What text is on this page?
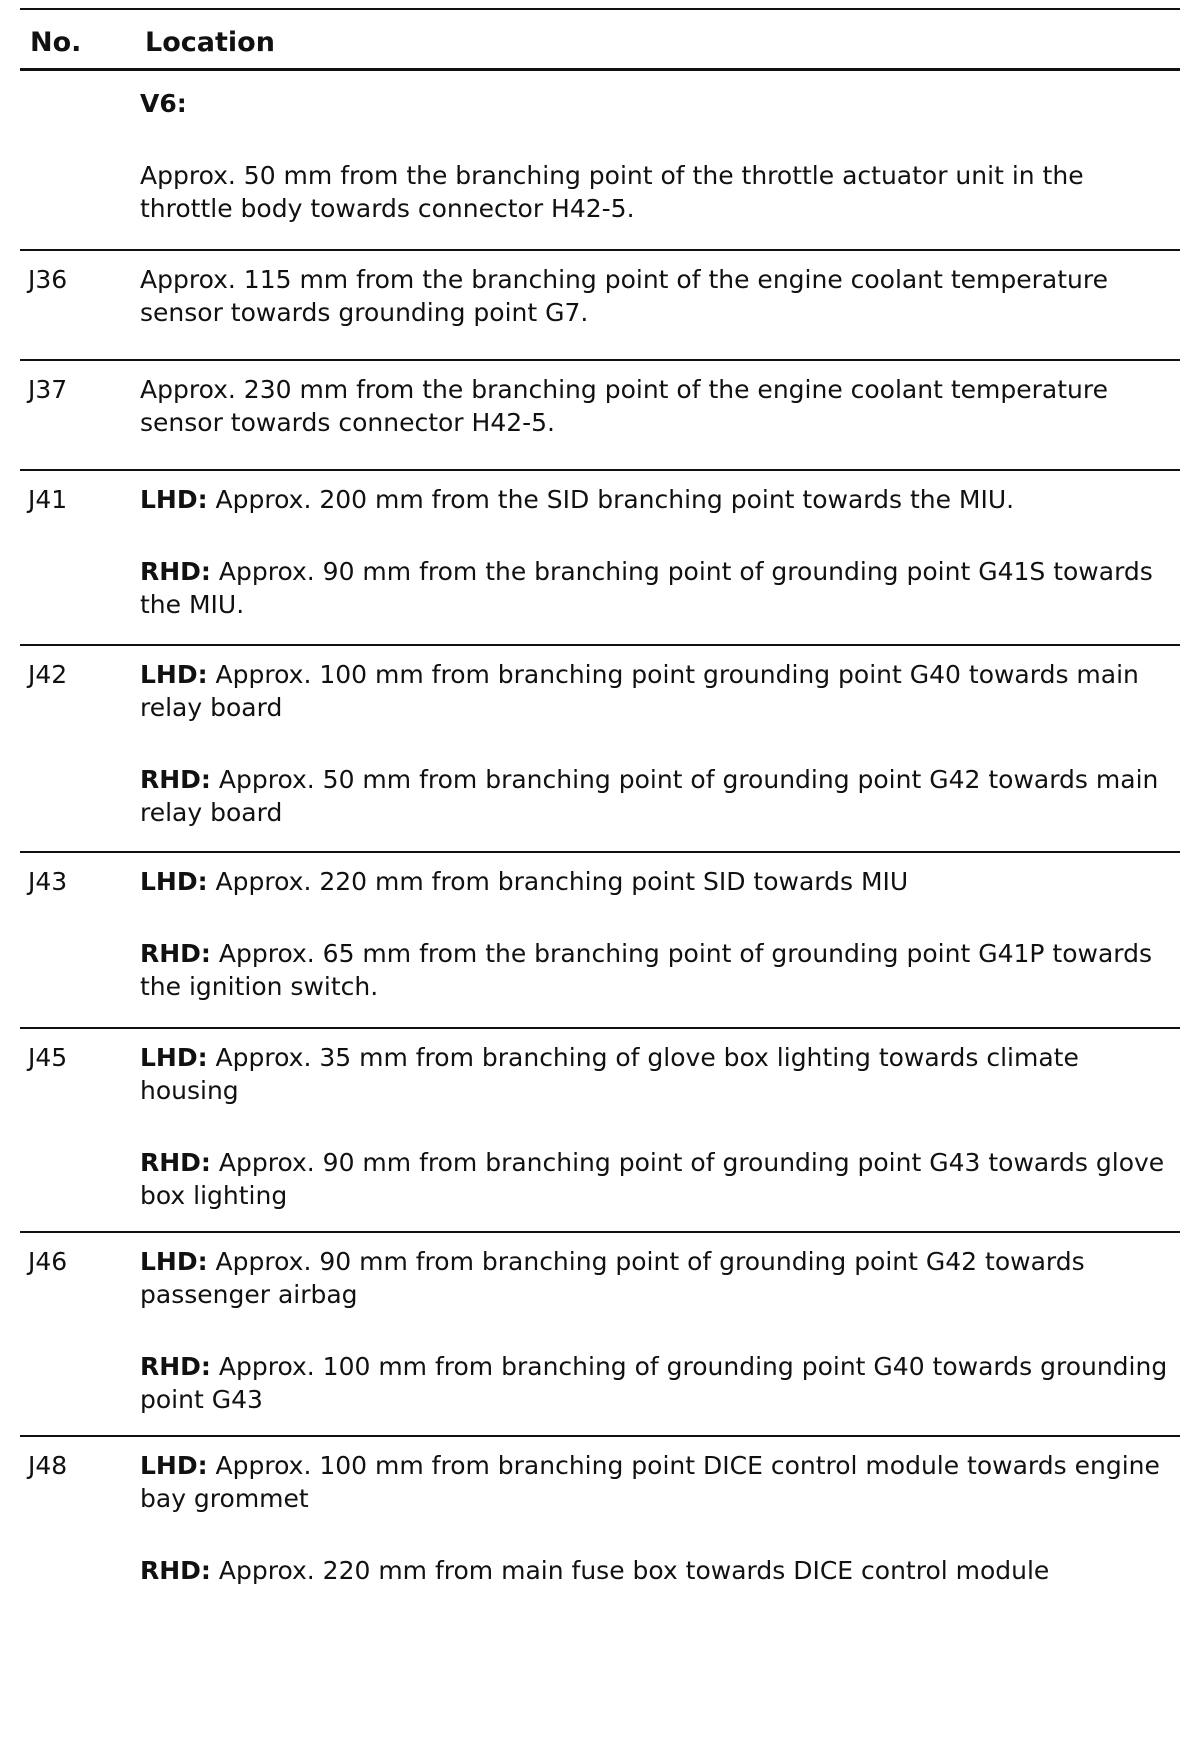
No. Location

V6:

Approx. 50 mm from the branching point of the throttle actuator unit in the throttle body towards connector H42-5.

J36	Approx. 115 mm from the branching point of the engine coolant temperature sensor towards grounding point G7.

J37	Approx. 230 mm from the branching point of the engine coolant temperature sensor towards connector H42-5.

J41	LHD: Approx. 200 mm from the SID branching point towards the MIU.

RHD: Approx. 90 mm from the branching point of grounding point G41S towards the MIU.

J42	LHD: Approx. 100 mm from branching point grounding point G40 towards main relay board

RHD: Approx. 50 mm from branching point of grounding point G42 towards main relay board

J43	LHD: Approx. 220 mm from branching point SID towards MIU

RHD: Approx. 65 mm from the branching point of grounding point G41P towards the ignition switch.

J45	LHD: Approx. 35 mm from branching of glove box lighting towards climate housing

RHD: Approx. 90 mm from branching point of grounding point G43 towards glove box lighting

J46	LHD: Approx. 90 mm from branching point of grounding point G42 towards passenger airbag

RHD: Approx. 100 mm from branching of grounding point G40 towards grounding point G43

J48	LHD: Approx. 100 mm from branching point DICE control module towards engine bay grommet

RHD: Approx. 220 mm from main fuse box towards DICE control module
